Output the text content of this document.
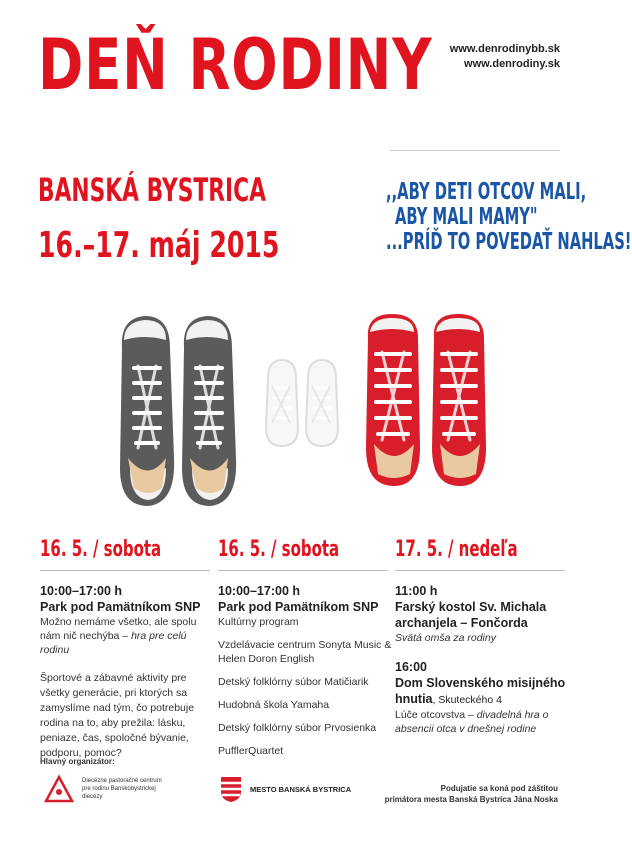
DEŇ RODINY www.denrodinybb.sk
www.denrodiny.sk
BANSKÁ BYSTRICA
16.–17. máj 2015
,,ABY DETI OTCOV MALI,
ABY MALI MAMY"
...PRÍĎ TO POVEDAŤ NAHLAS!
16. 5. / sobota
10:00–17:00 h
Park pod Pamätníkom SNP
Možno nemáme všetko, ale spolu nám nič nechýba – hra pre celú rodinu
Športové a zábavné aktivity pre všetky generácie, pri ktorých sa zamyslíme nad tým, čo potrebuje rodina na to, aby prežila: lásku, peniaze, čas, spoločné bývanie, podporu, pomoc?
16. 5. / sobota
10:00–17:00 h
Park pod Pamätníkom SNP
Kultúrny program
Vzdelávacie centrum Sonyta Music & Helen Doron English
Detský folklórny súbor Matičiarik
Hudobná škola Yamaha
Detský folklórny súbor Prvosienka
PufflerQuartet
17. 5. / nedeľa
11:00 h
Farský kostol Sv. Michala archanjela – Fončorda
Svätá omša za rodiny
16:00
Dom Slovenského misijného hnutia, Skuteckého 4
Lúče otcovstva – divadelná hra o absencii otca v dnešnej rodine
Hlavný organizátor:
Diecézne pastoračné centrum pre rodinu Banskobystrickej diecézy
MESTO BANSKÁ BYSTRICA	Podujatie sa koná pod záštitou
primátora mesta Banská Bystrica Jána Noska
